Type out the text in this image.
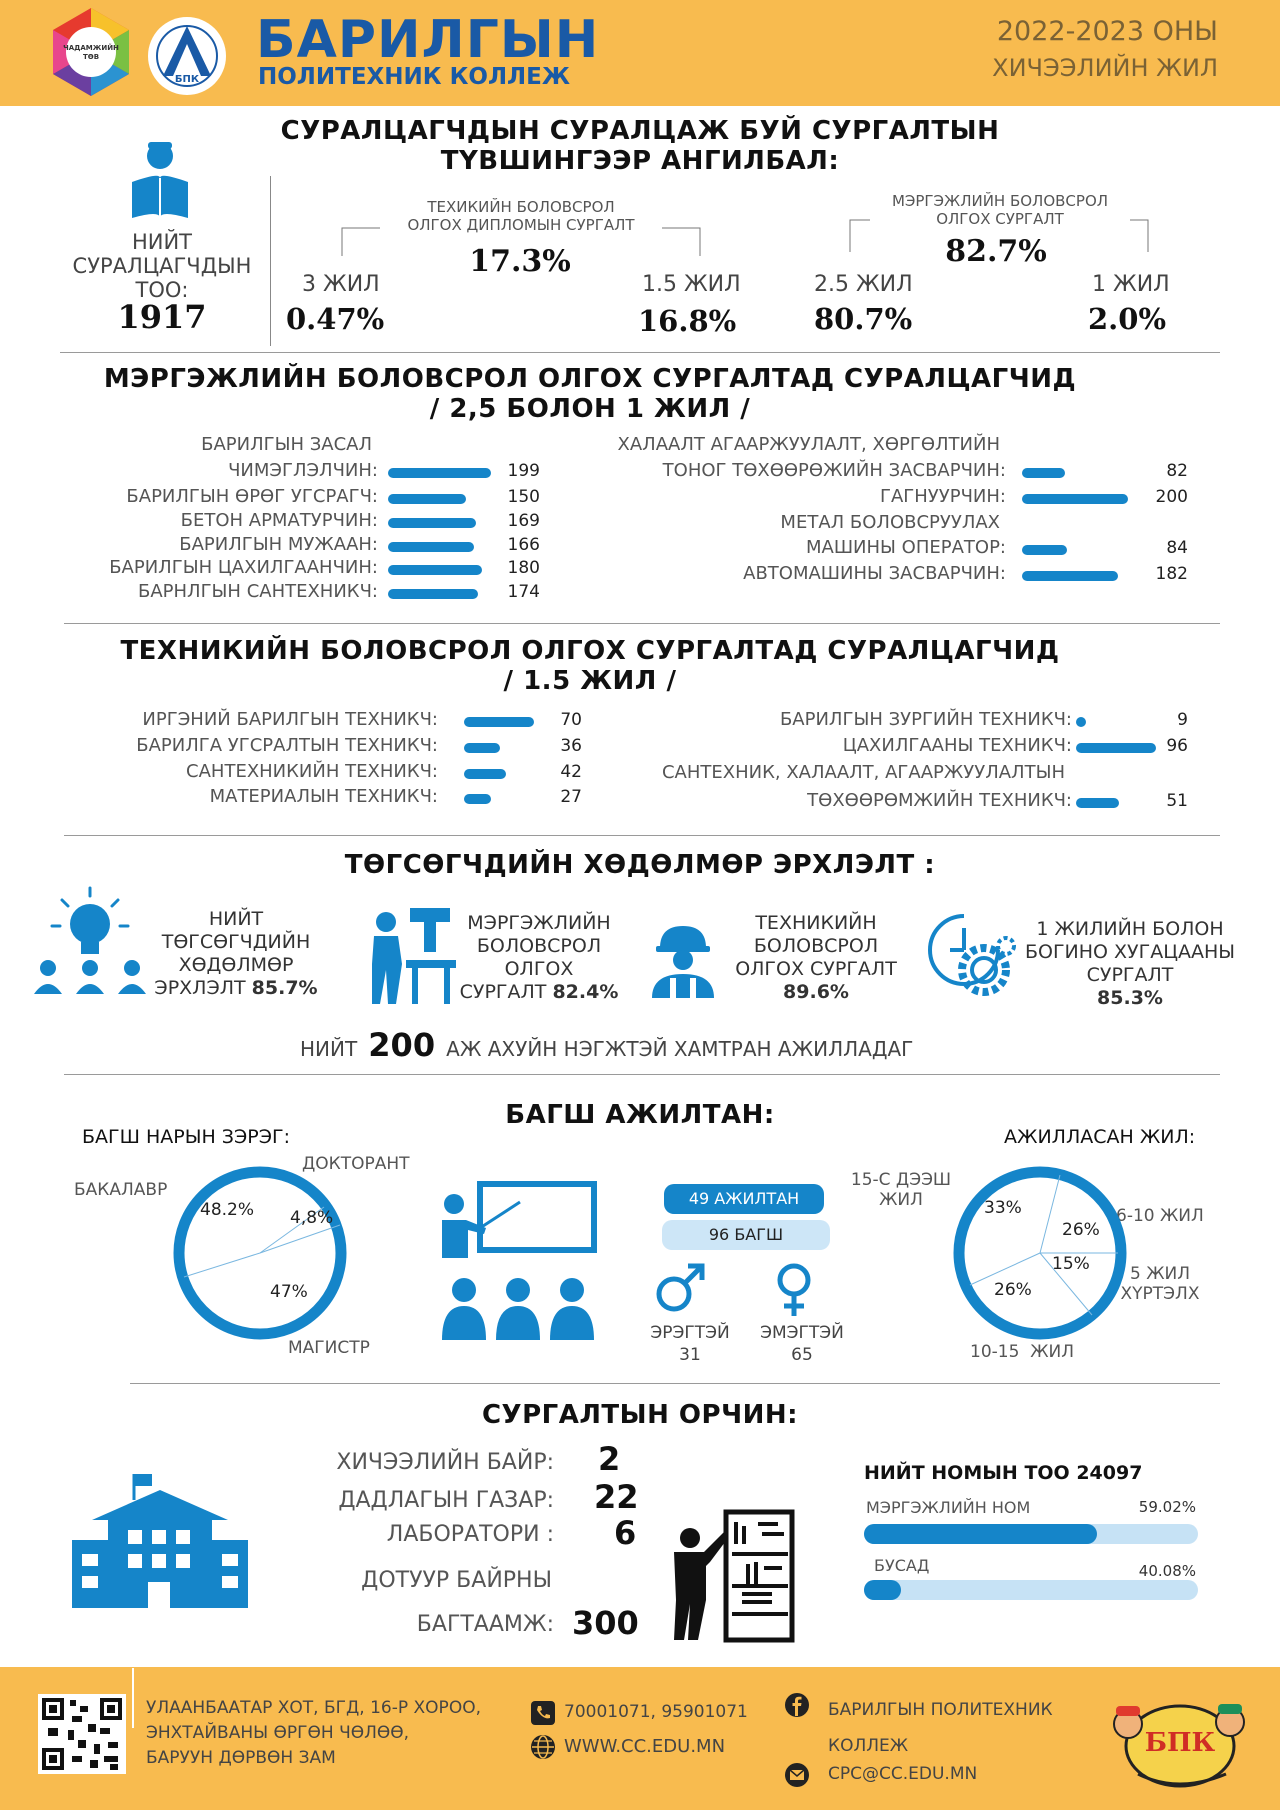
ЧАДАМЖИЙН ТӨВ
БПК
БАРИЛГЫН
ПОЛИТЕХНИК КОЛЛЕЖ
2022-2023 ОНЫ
ХИЧЭЭЛИЙН ЖИЛ
СУРАЛЦАГЧДЫН СУРАЛЦАЖ БУЙ СУРГАЛТЫН
ТҮВШИНГЭЭР АНГИЛБАЛ:
НИЙТ
СУРАЛЦАГЧДЫН
ТОО:
1917
ТЕХИКИЙН БОЛОВСРОЛ
ОЛГОХ ДИПЛОМЫН СУРГАЛТ
17.3%
3 ЖИЛ
0.47%
1.5 ЖИЛ
16.8%
МЭРГЭЖЛИЙН БОЛОВСРОЛ
ОЛГОХ СУРГАЛТ
82.7%
2.5 ЖИЛ
80.7%
1 ЖИЛ
2.0%
МЭРГЭЖЛИЙН БОЛОВСРОЛ ОЛГОХ СУРГАЛТАД СУРАЛЦАГЧИД
/ 2,5 БОЛОН 1 ЖИЛ /
БАРИЛГЫН ЗАСАЛ	ХАЛААЛТ АГААРЖУУЛАЛТ, ХӨРГӨЛТИЙН
МЕТАЛ БОЛОВСРУУЛАХ
ЧИМЭГЛЭЛЧИН:	199
БАРИЛГЫН ӨРӨГ УГСРАГЧ:	150
БЕТОН АРМАТУРЧИН:	169
БАРИЛГЫН МУЖААН:	166
БАРИЛГЫН ЦАХИЛГААНЧИН:	180
БАРНЛГЫН САНТЕХНИКЧ:	174
ТОНОГ ТӨХӨӨРӨЖИЙН ЗАСВАРЧИН:	82
ГАГНУУРЧИН:	200
МАШИНЫ ОПЕРАТОР:	84
АВТОМАШИНЫ ЗАСВАРЧИН:	182
ТЕХНИКИЙН БОЛОВСРОЛ ОЛГОХ СУРГАЛТАД СУРАЛЦАГЧИД
/ 1.5 ЖИЛ /
САНТЕХНИК, ХАЛААЛТ, АГААРЖУУЛАЛТЫН
ИРГЭНИЙ БАРИЛГЫН ТЕХНИКЧ:	70
БАРИЛГА УГСРАЛТЫН ТЕХНИКЧ:	36
САНТЕХНИКИЙН ТЕХНИКЧ:	42
МАТЕРИАЛЫН ТЕХНИКЧ:	27
БАРИЛГЫН ЗУРГИЙН ТЕХНИКЧ:	9
ЦАХИЛГААНЫ ТЕХНИКЧ:	96
ТӨХӨӨРӨМЖИЙН ТЕХНИКЧ:	51
ТӨГСӨГЧДИЙН ХӨДӨЛМӨР ЭРХЛЭЛТ :
НИЙТ
ТӨГСӨГЧДИЙН
ХӨДӨЛМӨР
ЭРХЛЭЛТ 85.7%
МЭРГЭЖЛИЙН
БОЛОВСРОЛ
ОЛГОХ
СУРГАЛТ 82.4%
ТЕХНИКИЙН
БОЛОВСРОЛ
ОЛГОХ СУРГАЛТ
89.6%
1 ЖИЛИЙН БОЛОН
БОГИНО ХУГАЦААНЫ
СУРГАЛТ
85.3%
НИЙТ 200 АЖ АХУЙН НЭГЖТЭЙ ХАМТРАН АЖИЛЛАДАГ
БАГШ АЖИЛТАН:
БАГШ НАРЫН ЗЭРЭГ:
БАКАЛАВР
ДОКТОРАНТ
МАГИСТР
48.2% 4,8%
47%
49 АЖИЛТАН
96 БАГШ
ЭРЭГТЭЙ
31
ЭМЭГТЭЙ
65
АЖИЛЛАСАН ЖИЛ:
15-С ДЭЭШ
ЖИЛ
6-10 ЖИЛ
5 ЖИЛ
ХҮРТЭЛХ
10-15  ЖИЛ
33%
26%
15%
26%
СУРГАЛТЫН ОРЧИН:
ХИЧЭЭЛИЙН БАЙР: 2
ДАДЛАГЫН ГАЗАР: 22
ЛАБОРАТОРИ : 6
ДОТУУР БАЙРНЫ
БАГТААМЖ: 300
НИЙТ НОМЫН ТОО 24097
МЭРГЭЖЛИЙН НОМ	59.02%
БУСАД	40.08%
УЛААНБААТАР ХОТ, БГД, 16-Р ХОРОО,
ЭНХТАЙВАНЫ ӨРГӨН ЧӨЛӨӨ,
БАРУУН ДӨРВӨН ЗАМ
70001071, 95901071
WWW.CC.EDU.MN
БАРИЛГЫН ПОЛИТЕХНИК
КОЛЛЕЖ
CPC@CC.EDU.MN
БПК
